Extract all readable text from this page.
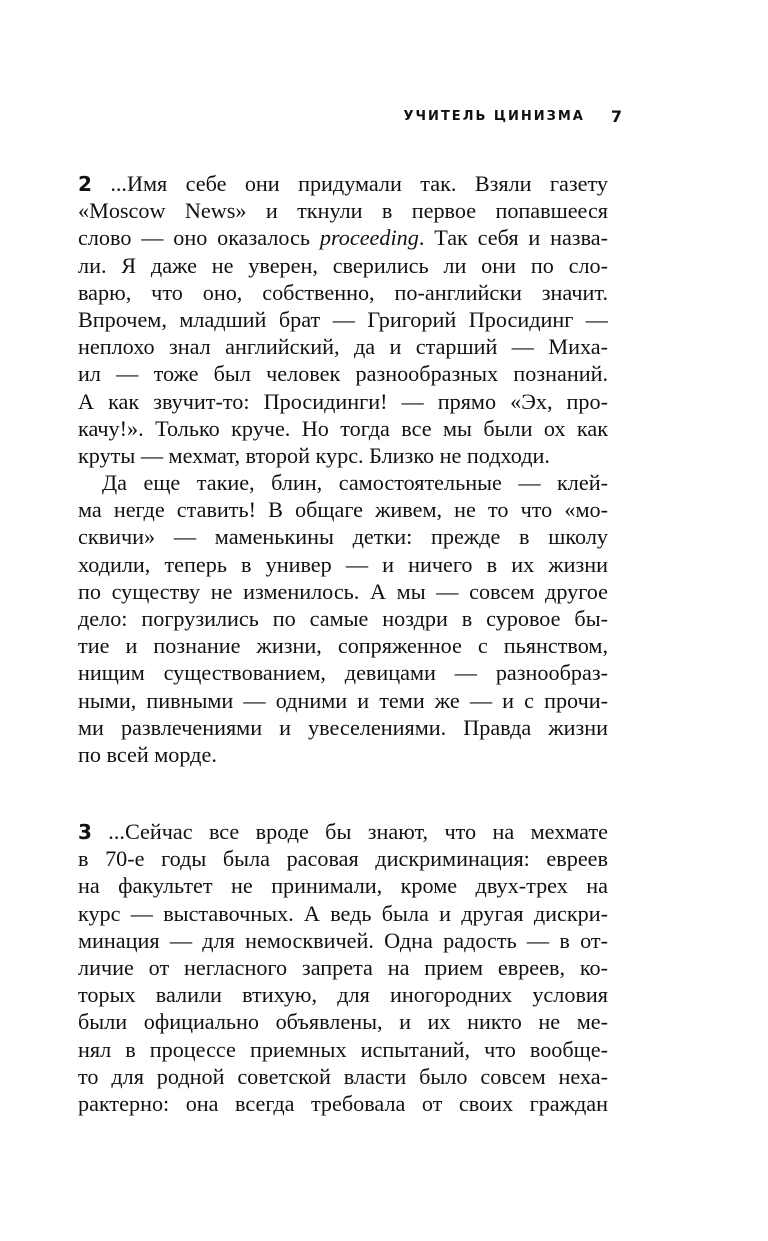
УЧИТЕЛЬ ЦИНИЗМА 7
2 ...Имя себе они придумали так. Взяли газету
«Moscow News» и ткнули в первое попавшееся
слово — оно оказалось proceeding. Так себя и назва-
ли. Я даже не уверен, сверились ли они по сло-
варю, что оно, собственно, по-английски значит.
Впрочем, младший брат — Григорий Просидинг —
неплохо знал английский, да и старший — Миха-
ил — тоже был человек разнообразных познаний.
А как звучит-то: Просидинги! — прямо «Эх, про-
качу!». Только круче. Но тогда все мы были ох как
круты — мехмат, второй курс. Близко не подходи.
Да еще такие, блин, самостоятельные — клей-
ма негде ставить! В общаге живем, не то что «мо-
сквичи» — маменькины детки: прежде в школу
ходили, теперь в универ — и ничего в их жизни
по существу не изменилось. А мы — совсем другое
дело: погрузились по самые ноздри в суровое бы-
тие и познание жизни, сопряженное с пьянством,
нищим существованием, девицами — разнообраз-
ными, пивными — одними и теми же — и с прочи-
ми развлечениями и увеселениями. Правда жизни
по всей морде.
3 ...Сейчас все вроде бы знают, что на мехмате
в 70-е годы была расовая дискриминация: евреев
на факультет не принимали, кроме двух-трех на
курс — выставочных. А ведь была и другая дискри-
минация — для немосквичей. Одна радость — в от-
личие от негласного запрета на прием евреев, ко-
торых валили втихую, для иногородних условия
были официально объявлены, и их никто не ме-
нял в процессе приемных испытаний, что вообще-
то для родной советской власти было совсем неха-
рактерно: она всегда требовала от своих граждан
